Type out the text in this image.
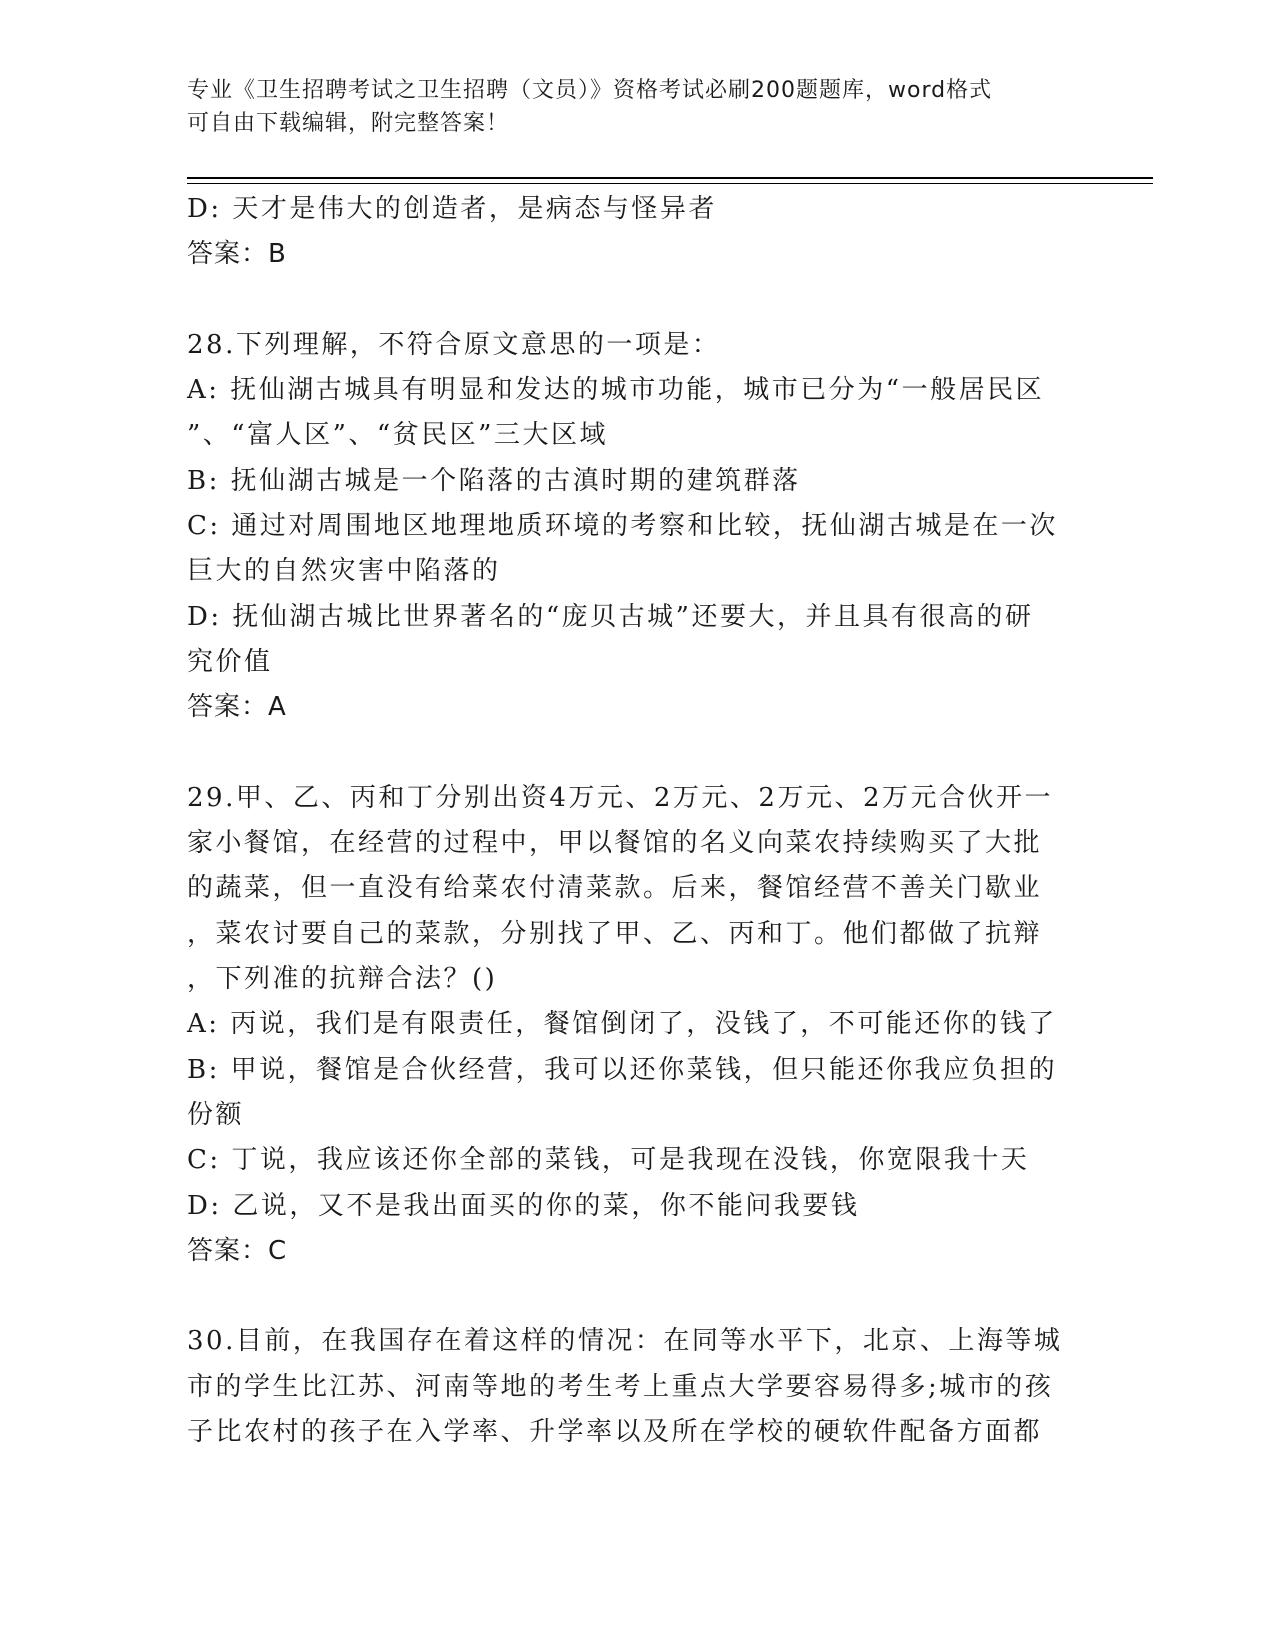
专业《卫生招聘考试之卫生招聘（文员）》资格考试必刷200题题库，word格式
可自由下载编辑，附完整答案！
D: 天才是伟大的创造者，是病态与怪异者
答案：B
28.下列理解，不符合原文意思的一项是：
A: 抚仙湖古城具有明显和发达的城市功能，城市已分为“一般居民区
”、“富人区”、“贫民区”三大区域
B: 抚仙湖古城是一个陷落的古滇时期的建筑群落
C: 通过对周围地区地理地质环境的考察和比较，抚仙湖古城是在一次
巨大的自然灾害中陷落的
D: 抚仙湖古城比世界著名的“庞贝古城”还要大，并且具有很高的研
究价值
答案：A
29.甲、乙、丙和丁分别出资4万元、2万元、2万元、2万元合伙开一
家小餐馆，在经营的过程中，甲以餐馆的名义向菜农持续购买了大批
的蔬菜，但一直没有给菜农付清菜款。后来，餐馆经营不善关门歇业
，菜农讨要自己的菜款，分别找了甲、乙、丙和丁。他们都做了抗辩
，下列准的抗辩合法？()
A: 丙说，我们是有限责任，餐馆倒闭了，没钱了，不可能还你的钱了
B: 甲说，餐馆是合伙经营，我可以还你菜钱，但只能还你我应负担的
份额
C: 丁说，我应该还你全部的菜钱，可是我现在没钱，你宽限我十天
D: 乙说，又不是我出面买的你的菜，你不能问我要钱
答案：C
30.目前，在我国存在着这样的情况：在同等水平下，北京、上海等城
市的学生比江苏、河南等地的考生考上重点大学要容易得多;城市的孩
子比农村的孩子在入学率、升学率以及所在学校的硬软件配备方面都
